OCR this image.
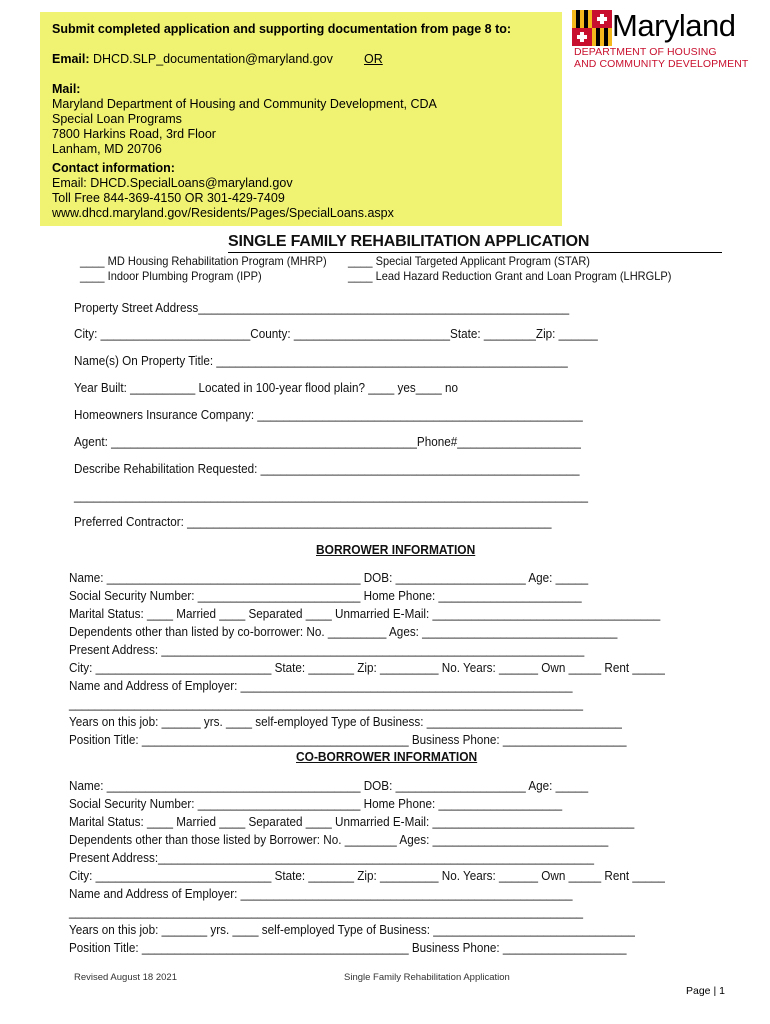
Submit completed application and supporting documentation from page 8 to:
Email: DHCD.SLP_documentation@maryland.gov OR
Mail:
Maryland Department of Housing and Community Development, CDA
Special Loan Programs
7800 Harkins Road, 3rd Floor
Lanham, MD 20706
Contact information:
Email: DHCD.SpecialLoans@maryland.gov
Toll Free 844-369-4150 OR 301-429-7409
www.dhcd.maryland.gov/Residents/Pages/SpecialLoans.aspx
Maryland
DEPARTMENT OF HOUSING
AND COMMUNITY DEVELOPMENT
SINGLE FAMILY REHABILITATION APPLICATION
____ MD Housing Rehabilitation Program (MHRP)
____ Indoor Plumbing Program (IPP)
____ Special Targeted Applicant Program (STAR)
____ Lead Hazard Reduction Grant and Loan Program (LHRGLP)
Property Street Address_________________________________________________________
City: _______________________County: ________________________State: ________Zip: ______
Name(s) On Property Title: ______________________________________________________
Year Built: __________ Located in 100-year flood plain? ____ yes____ no
Homeowners Insurance Company: __________________________________________________
Agent: _______________________________________________Phone#___________________
Describe Rehabilitation Requested: _________________________________________________
_______________________________________________________________________________
Preferred Contractor: ________________________________________________________
BORROWER INFORMATION
Name: _______________________________________ DOB: ____________________ Age: _____
Social Security Number: _________________________ Home Phone: ______________________
Marital Status: ____ Married ____ Separated ____ Unmarried E-Mail: ___________________________________
Dependents other than listed by co-borrower: No. _________ Ages: ______________________________
Present Address: _________________________________________________________________
City: ___________________________ State: _______ Zip: _________ No. Years: ______ Own _____ Rent _____
Name and Address of Employer: ___________________________________________________
_______________________________________________________________________________
Years on this job: ______ yrs. ____ self-employed Type of Business: ______________________________
Position Title: _________________________________________ Business Phone: ___________________
CO-BORROWER INFORMATION
Name: _______________________________________ DOB: ____________________ Age: _____
Social Security Number: _________________________ Home Phone: ___________________
Marital Status: ____ Married ____ Separated ____ Unmarried E-Mail: _______________________________
Dependents other than those listed by Borrower: No. ________ Ages: ___________________________
Present Address:___________________________________________________________________
City: ___________________________ State: _______ Zip: _________ No. Years: ______ Own _____ Rent _____
Name and Address of Employer: ___________________________________________________
_______________________________________________________________________________
Years on this job: _______ yrs. ____ self-employed Type of Business: _______________________________
Position Title: _________________________________________ Business Phone: ___________________
Revised August 18 2021	Single Family Rehabilitation Application
Page | 1
